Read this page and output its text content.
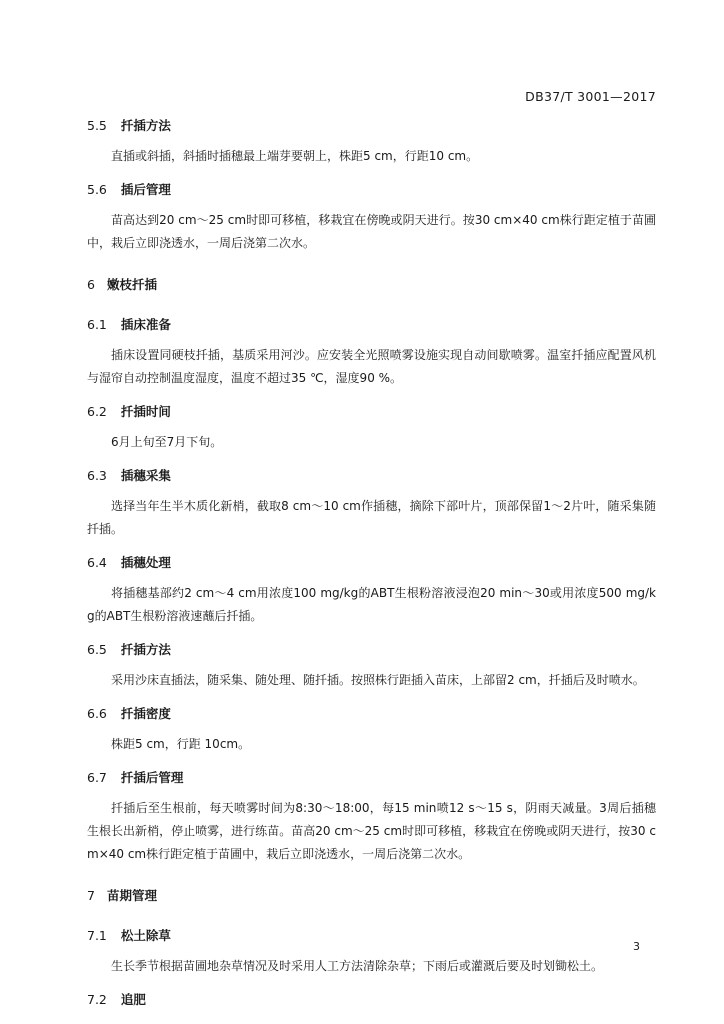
DB37/T 3001—2017
5.5 扦插方法

直插或斜插，斜插时插穗最上端芽要朝上，株距5 cm，行距10 cm。

5.6 插后管理

苗高达到20 cm～25 cm时即可移植，移栽宜在傍晚或阴天进行。按30 cm×40 cm株行距定植于苗圃中，栽后立即浇透水，一周后浇第二次水。

6 嫩枝扦插
6.1 插床准备

插床设置同硬枝扦插，基质采用河沙。应安装全光照喷雾设施实现自动间歇喷雾。温室扦插应配置风机与湿帘自动控制温度湿度，温度不超过35 ℃，湿度90 %。

6.2 扦插时间

6月上旬至7月下旬。

6.3 插穗采集

选择当年生半木质化新梢，截取8 cm～10 cm作插穗，摘除下部叶片，顶部保留1～2片叶，随采集随扦插。

6.4 插穗处理

将插穗基部约2 cm～4 cm用浓度100 mg/kg的ABT生根粉溶液浸泡20 min～30或用浓度500 mg/kg的ABT生根粉溶液速蘸后扦插。

6.5 扦插方法

采用沙床直插法，随采集、随处理、随扦插。按照株行距插入苗床，上部留2 cm，扦插后及时喷水。

6.6 扦插密度

株距5 cm，行距 10cm。

6.7 扦插后管理

扦插后至生根前，每天喷雾时间为8:30～18:00，每15 min喷12 s～15 s，阴雨天减量。3周后插穗生根长出新梢，停止喷雾，进行练苗。苗高20 cm～25 cm时即可移植，移栽宜在傍晚或阴天进行，按30 cm×40 cm株行距定植于苗圃中，栽后立即浇透水，一周后浇第二次水。

7 苗期管理
7.1 松土除草

生长季节根据苗圃地杂草情况及时采用人工方法清除杂草；下雨后或灌溉后要及时划锄松土。

7.2 追肥
3
